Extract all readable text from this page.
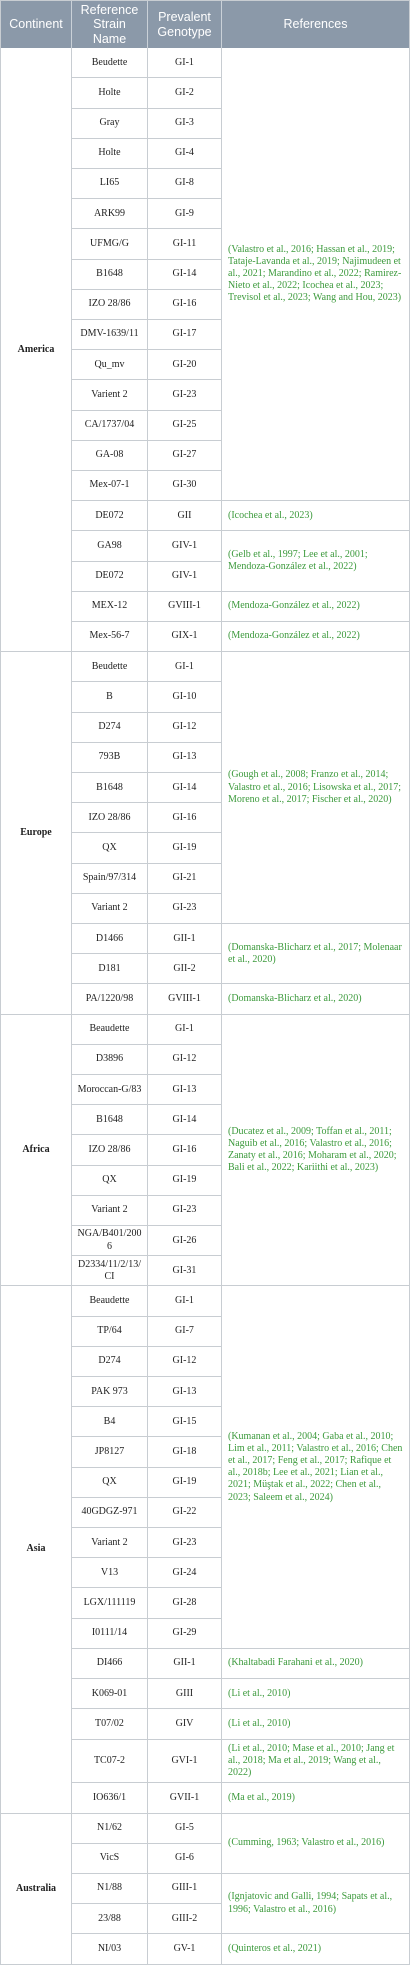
Continent	Reference Strain Name	Prevalent Genotype	References
America	Beudette	GI-1	(Valastro et al., 2016; Hassan et al., 2019; Tataje-Lavanda et al., 2019; Najimudeen et al., 2021; Marandino et al., 2022; Ramirez-Nieto et al., 2022; Icochea et al., 2023; Trevisol et al., 2023; Wang and Hou, 2023)
	Holte	GI-2	
	Gray	GI-3	
	Holte	GI-4	
	LI65	GI-8	
	ARK99	GI-9	
	UFMG/G	GI-11	
	B1648	GI-14	
	IZO 28/86	GI-16	
	DMV-1639/11	GI-17	
	Qu_mv	GI-20	
	Varient 2	GI-23	
	CA/1737/04	GI-25	
	GA-08	GI-27	
	Mex-07-1	GI-30	
	DE072	GII	(Icochea et al., 2023)
	GA98	GIV-1	(Gelb et al., 1997; Lee et al., 2001; Mendoza-González et al., 2022)
	DE072	GIV-1	
	MEX-12	GVIII-1	(Mendoza-González et al., 2022)
	Mex-56-7	GIX-1	(Mendoza-González et al., 2022)
Europe	Beudette	GI-1	(Gough et al., 2008; Franzo et al., 2014; Valastro et al., 2016; Lisowska et al., 2017; Moreno et al., 2017; Fischer et al., 2020)
	B	GI-10	
	D274	GI-12	
	793B	GI-13	
	B1648	GI-14	
	IZO 28/86	GI-16	
	QX	GI-19	
	Spain/97/314	GI-21	
	Variant 2	GI-23	
	D1466	GII-1	(Domanska-Blicharz et al., 2017; Molenaar et al., 2020)
	D181	GII-2	
	PA/1220/98	GVIII-1	(Domanska-Blicharz et al., 2020)
Africa	Beaudette	GI-1	(Ducatez et al., 2009; Toffan et al., 2011; Naguib et al., 2016; Valastro et al., 2016; Zanaty et al., 2016; Moharam et al., 2020; Bali et al., 2022; Kariithi et al., 2023)
	D3896	GI-12	
	Moroccan-G/83	GI-13	
	B1648	GI-14	
	IZO 28/86	GI-16	
	QX	GI-19	
	Variant 2	GI-23	
	NGA/B401/2006	GI-26	
	D2334/11/2/13/CI	GI-31	
Asia	Beaudette	GI-1	(Kumanan et al., 2004; Gaba et al., 2010; Lim et al., 2011; Valastro et al., 2016; Chen et al., 2017; Feng et al., 2017; Rafique et al., 2018b; Lee et al., 2021; Lian et al., 2021; Müştak et al., 2022; Chen et al., 2023; Saleem et al., 2024)
	TP/64	GI-7	
	D274	GI-12	
	PAK 973	GI-13	
	B4	GI-15	
	JP8127	GI-18	
	QX	GI-19	
	40GDGZ-971	GI-22	
	Variant 2	GI-23	
	V13	GI-24	
	LGX/111119	GI-28	
	I0111/14	GI-29	
	DI466	GII-1	(Khaltabadi Farahani et al., 2020)
	K069-01	GIII	(Li et al., 2010)
	T07/02	GIV	(Li et al., 2010)
	TC07-2	GVI-1	(Li et al., 2010; Mase et al., 2010; Jang et al., 2018; Ma et al., 2019; Wang et al., 2022)
	IO636/1	GVII-1	(Ma et al., 2019)
Australia	N1/62	GI-5	(Cumming, 1963; Valastro et al., 2016)
	VicS	GI-6	
	N1/88	GIII-1	(Ignjatovic and Galli, 1994; Sapats et al., 1996; Valastro et al., 2016)
	23/88	GIII-2	
	NI/03	GV-1	(Quinteros et al., 2021)
